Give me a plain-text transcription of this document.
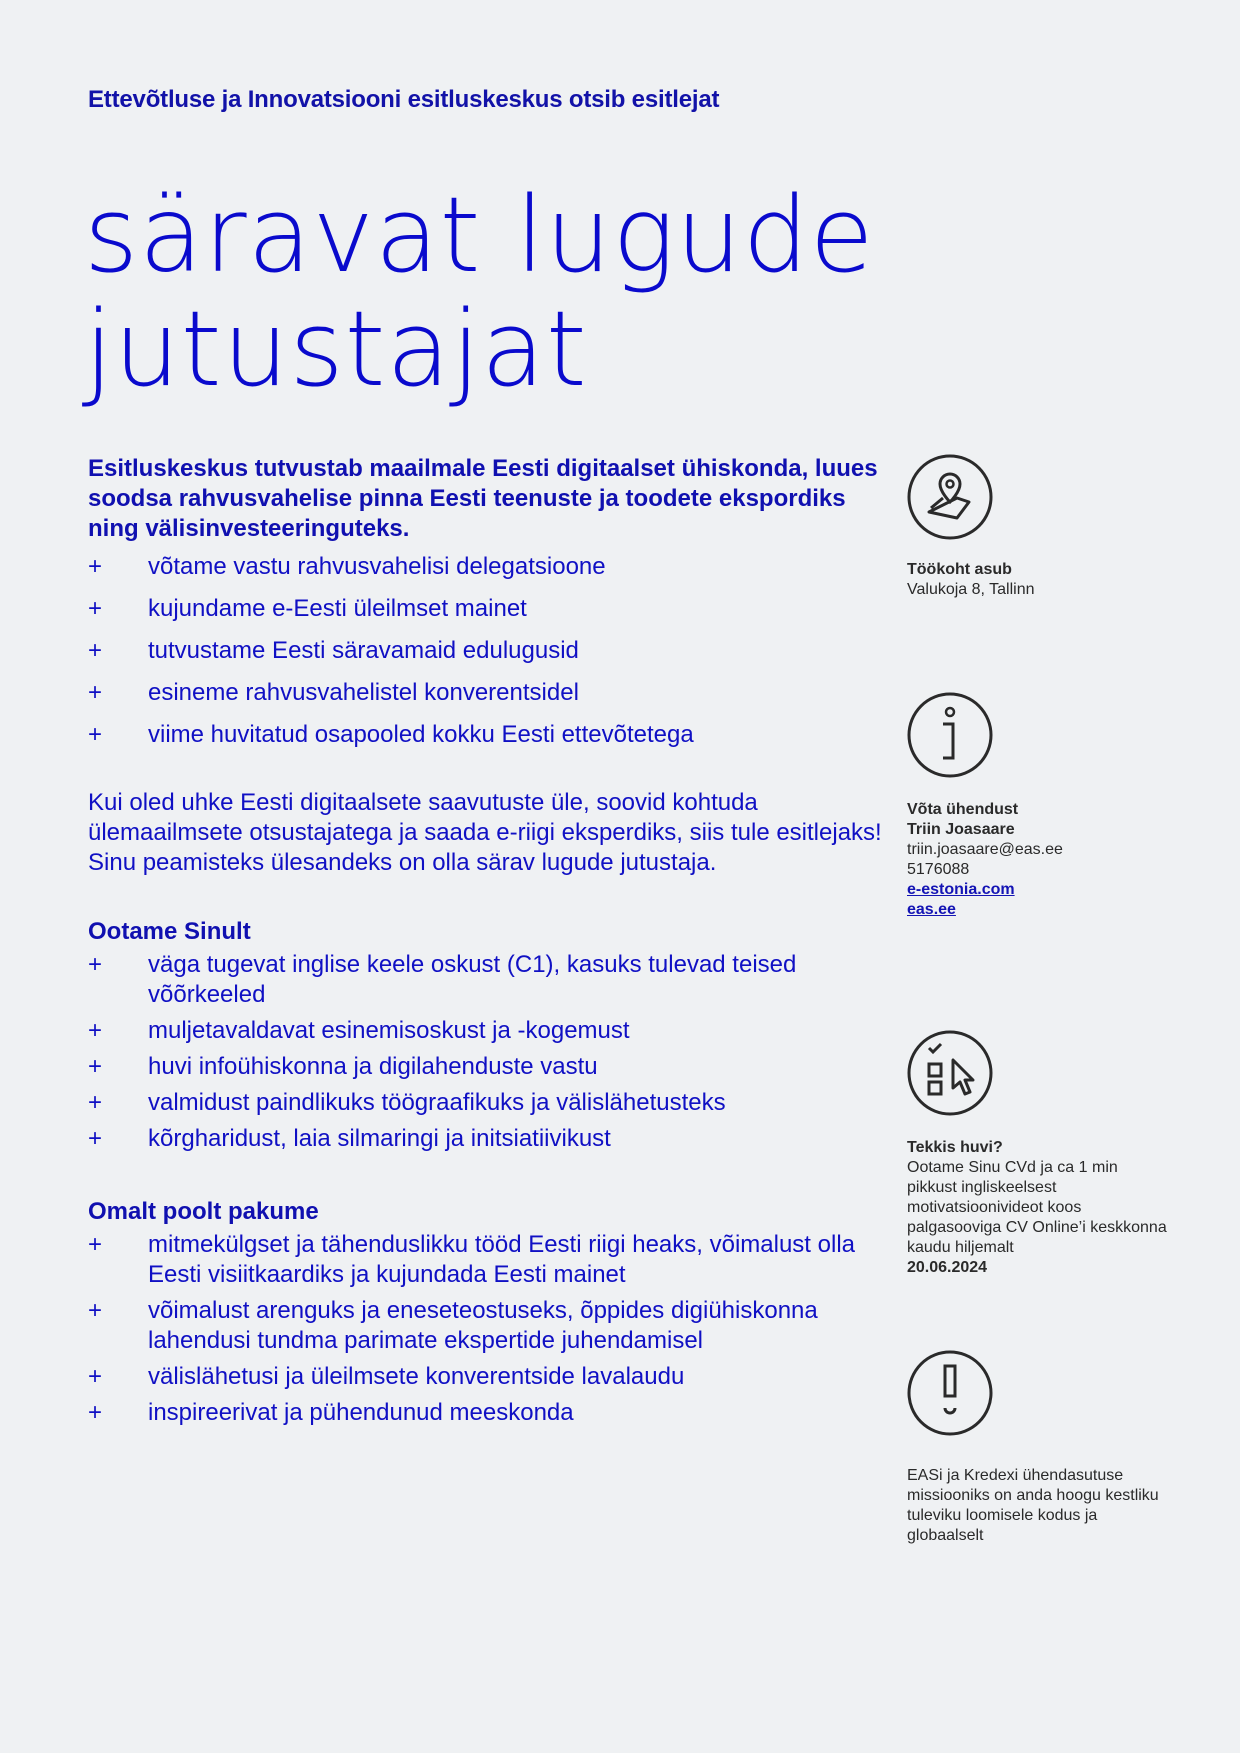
Ettevõtluse ja Innovatsiooni esitluskeskus otsib esitlejat
säravat lugude
jutustajat

Esitluskeskus tutvustab maailmale Eesti digitaalset ühiskonda, luues soodsa rahvusvahelise pinna Eesti teenuste ja toodete ekspordiks ning välisinvesteeringuteks.

+ võtame vastu rahvusvahelisi delegatsioone
+ kujundame e-Eesti üleilmset mainet
+ tutvustame Eesti säravamaid edulugusid
+ esineme rahvusvahelistel konverentsidel
+ viime huvitatud osapooled kokku Eesti ettevõtetega

Kui oled uhke Eesti digitaalsete saavutuste üle, soovid kohtuda ülemaailmsete otsustajatega ja saada e-riigi eksperdiks, siis tule esitlejaks! Sinu peamisteks ülesandeks on olla särav lugude jutustaja.

Ootame Sinult
+ väga tugevat inglise keele oskust (C1), kasuks tulevad teised võõrkeeled
+ muljetavaldavat esinemisoskust ja -kogemust
+ huvi infoühiskonna ja digilahenduste vastu
+ valmidust paindlikuks töögraafikuks ja välislähetusteks
+ kõrgharidust, laia silmaringi ja initsiatiivikust
Omalt poolt pakume
+ mitmekülgset ja tähenduslikku tööd Eesti riigi heaks, võimalust olla Eesti visiitkaardiks ja kujundada Eesti mainet
+ võimalust arenguks ja eneseteostuseks, õppides digiühiskonna lahendusi tundma parimate ekspertide juhendamisel
+ välislähetusi ja üleilmsete konverentside lavalaudu
+ inspireerivat ja pühendunud meeskonda

Töökoht asub

Valukoja 8, Tallinn

Võta ühendust

Triin Joasaare

triin.joasaare@eas.ee

5176088

e-estonia.com

eas.ee

Tekkis huvi?

Ootame Sinu CVd ja ca 1 min pikkust ingliskeelsest motivatsioonivideot koos palgasooviga CV Online’i keskkonna kaudu hiljemalt

20.06.2024

EASi ja Kredexi ühendasutuse missiooniks on anda hoogu kestliku tuleviku loomisele kodus ja globaalselt
